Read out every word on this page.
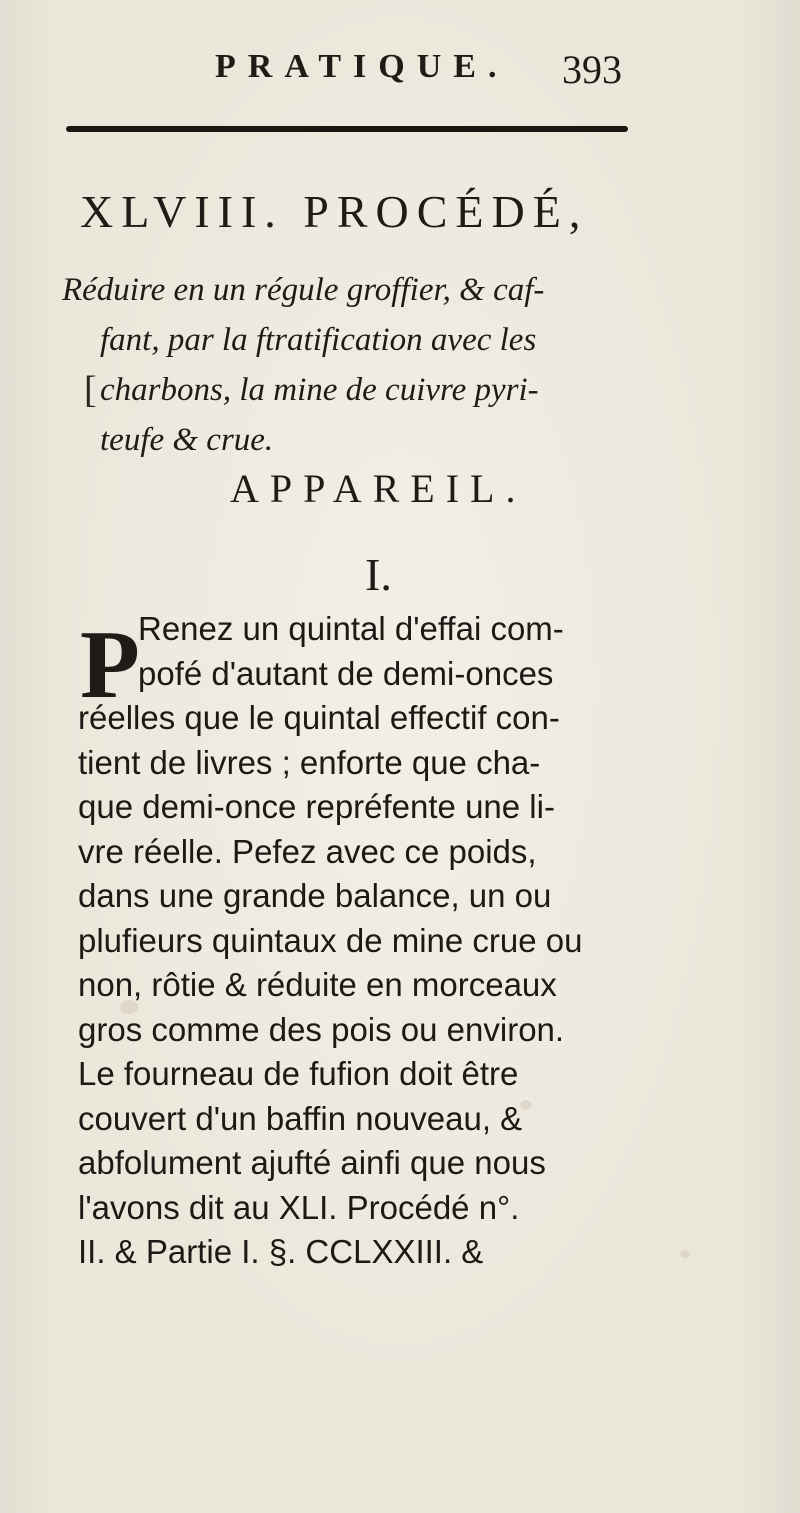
PRATIQUE. 393
XLVIII. PROCÉDÉ,
[
Réduire en un régule groffier, & caf-
fant, par la ftratification avec les
charbons, la mine de cuivre pyri-
teufe & crue.
APPAREIL.
I.
P
Renez un quintal d'effai com-
pofé d'autant de demi-onces
réelles que le quintal effectif con-
tient de livres ; enforte que cha-
que demi-once repréfente une li-
vre réelle. Pefez avec ce poids,
dans une grande balance, un ou
plufieurs quintaux de mine crue ou
non, rôtie & réduite en morceaux
gros comme des pois ou environ.
Le fourneau de fufion doit être
couvert d'un baffin nouveau, &
abfolument ajufté ainfi que nous
l'avons dit au XLI. Procédé n°.
II. & Partie I. §. CCLXXIII. &
